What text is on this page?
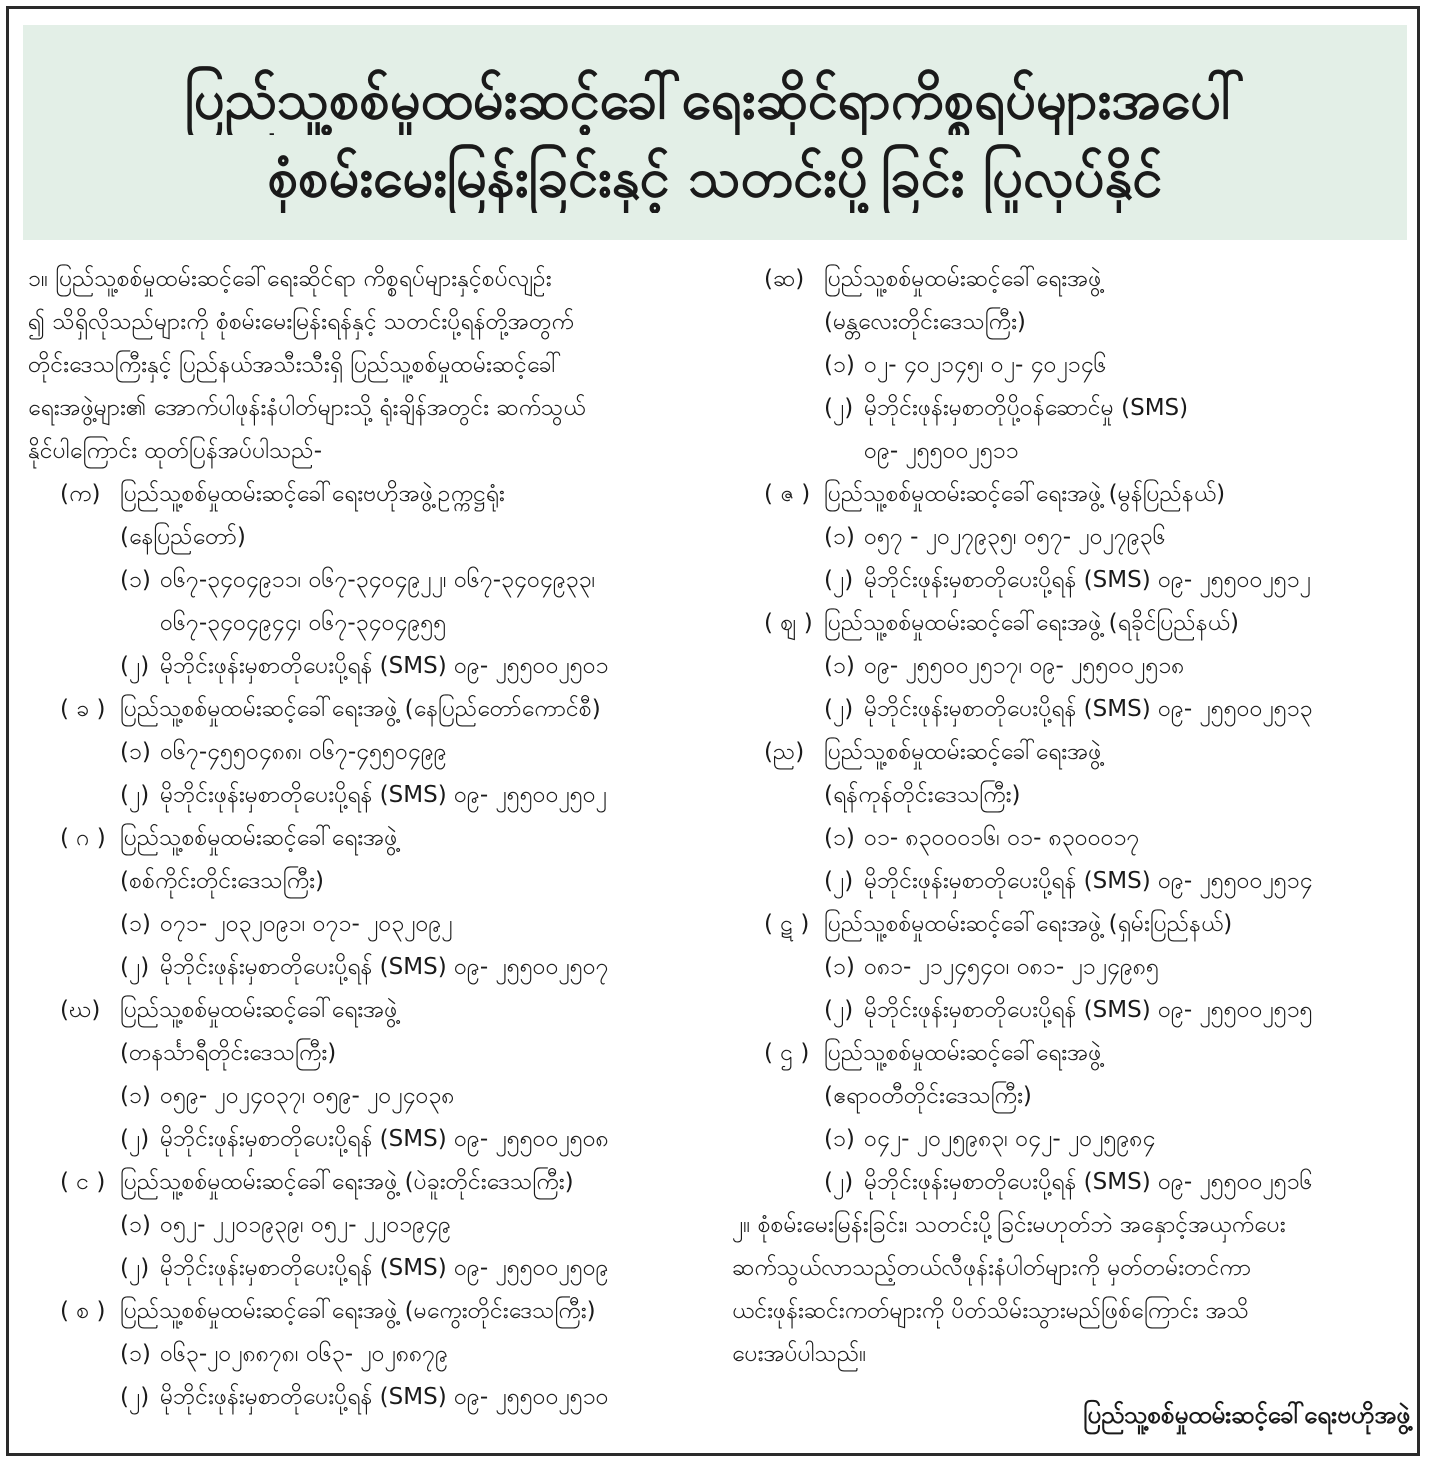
ပြည်သူ့စစ်မှုထမ်းဆင့်ခေါ်ရေးဆိုင်ရာကိစ္စရပ်များအပေါ်
စုံစမ်းမေးမြန်းခြင်းနှင့် သတင်းပို့ခြင်း ပြုလုပ်နိုင်
၁။ ပြည်သူ့စစ်မှုထမ်းဆင့်ခေါ်ရေးဆိုင်ရာ ကိစ္စရပ်များနှင့်စပ်လျဉ်း
၍ သိရှိလိုသည်များကို စုံစမ်းမေးမြန်းရန်နှင့် သတင်းပို့ရန်တို့အတွက်
တိုင်းဒေသကြီးနှင့် ပြည်နယ်အသီးသီးရှိ ပြည်သူ့စစ်မှုထမ်းဆင့်ခေါ်
ရေးအဖွဲ့များ၏ အောက်ပါဖုန်းနံပါတ်များသို့ ရုံးချိန်အတွင်း ဆက်သွယ်
နိုင်ပါကြောင်း ထုတ်ပြန်အပ်ပါသည်-
(က) ပြည်သူ့စစ်မှုထမ်းဆင့်ခေါ်ရေးဗဟိုအဖွဲ့ဥက္ကဋ္ဌရုံး
(နေပြည်တော်)
(၁) ၀၆၇-၃၄၀၄၉၁၁၊ ၀၆၇-၃၄၀၄၉၂၂၊ ၀၆၇-၃၄၀၄၉၃၃၊
၀၆၇-၃၄၀၄၉၄၄၊ ၀၆၇-၃၄၀၄၉၅၅
(၂) မိုဘိုင်းဖုန်းမှစာတိုပေးပို့ရန် (SMS) ၀၉- ၂၅၅၀၀၂၅၀၁
( ခ ) ပြည်သူ့စစ်မှုထမ်းဆင့်ခေါ်ရေးအဖွဲ့ (နေပြည်တော်ကောင်စီ)
(၁) ၀၆၇-၄၅၅၀၄၈၈၊ ၀၆၇-၄၅၅၀၄၉၉
(၂) မိုဘိုင်းဖုန်းမှစာတိုပေးပို့ရန် (SMS) ၀၉- ၂၅၅၀၀၂၅၀၂
( ဂ ) ပြည်သူ့စစ်မှုထမ်းဆင့်ခေါ်ရေးအဖွဲ့
(စစ်ကိုင်းတိုင်းဒေသကြီး)
(၁) ၀၇၁- ၂၀၃၂၀၉၁၊ ၀၇၁- ၂၀၃၂၀၉၂
(၂) မိုဘိုင်းဖုန်းမှစာတိုပေးပို့ရန် (SMS) ၀၉- ၂၅၅၀၀၂၅၀၇
(ဃ) ပြည်သူ့စစ်မှုထမ်းဆင့်ခေါ်ရေးအဖွဲ့
(တနင်္သာရီတိုင်းဒေသကြီး)
(၁) ၀၅၉- ၂၀၂၄၀၃၇၊ ၀၅၉- ၂၀၂၄၀၃၈
(၂) မိုဘိုင်းဖုန်းမှစာတိုပေးပို့ရန် (SMS) ၀၉- ၂၅၅၀၀၂၅၀၈
( င ) ပြည်သူ့စစ်မှုထမ်းဆင့်ခေါ်ရေးအဖွဲ့ (ပဲခူးတိုင်းဒေသကြီး)
(၁) ၀၅၂- ၂၂၀၁၉၃၉၊ ၀၅၂- ၂၂၀၁၉၄၉
(၂) မိုဘိုင်းဖုန်းမှစာတိုပေးပို့ရန် (SMS) ၀၉- ၂၅၅၀၀၂၅၀၉
( စ ) ပြည်သူ့စစ်မှုထမ်းဆင့်ခေါ်ရေးအဖွဲ့ (မကွေးတိုင်းဒေသကြီး)
(၁) ၀၆၃-၂၀၂၈၈၇၈၊ ၀၆၃- ၂၀၂၈၈၇၉
(၂) မိုဘိုင်းဖုန်းမှစာတိုပေးပို့ရန် (SMS) ၀၉- ၂၅၅၀၀၂၅၁၀
(ဆ) ပြည်သူ့စစ်မှုထမ်းဆင့်ခေါ်ရေးအဖွဲ့
(မန္တလေးတိုင်းဒေသကြီး)
(၁) ၀၂- ၄၀၂၁၄၅၊ ၀၂- ၄၀၂၁၄၆
(၂) မိုဘိုင်းဖုန်းမှစာတိုပို့ဝန်ဆောင်မှု (SMS)
၀၉- ၂၅၅၀၀၂၅၁၁
( ဇ ) ပြည်သူ့စစ်မှုထမ်းဆင့်ခေါ်ရေးအဖွဲ့ (မွန်ပြည်နယ်)
(၁) ၀၅၇ - ၂၀၂၇၉၃၅၊ ၀၅၇- ၂၀၂၇၉၃၆
(၂) မိုဘိုင်းဖုန်းမှစာတိုပေးပို့ရန် (SMS) ၀၉- ၂၅၅၀၀၂၅၁၂
( ဈ ) ပြည်သူ့စစ်မှုထမ်းဆင့်ခေါ်ရေးအဖွဲ့ (ရခိုင်ပြည်နယ်)
(၁) ၀၉- ၂၅၅၀၀၂၅၁၇၊ ၀၉- ၂၅၅၀၀၂၅၁၈
(၂) မိုဘိုင်းဖုန်းမှစာတိုပေးပို့ရန် (SMS) ၀၉- ၂၅၅၀၀၂၅၁၃
(ည) ပြည်သူ့စစ်မှုထမ်းဆင့်ခေါ်ရေးအဖွဲ့
(ရန်ကုန်တိုင်းဒေသကြီး)
(၁) ၀၁- ၈၃၀၀၀၁၆၊ ၀၁- ၈၃၀၀၀၁၇
(၂) မိုဘိုင်းဖုန်းမှစာတိုပေးပို့ရန် (SMS) ၀၉- ၂၅၅၀၀၂၅၁၄
( ဋ ) ပြည်သူ့စစ်မှုထမ်းဆင့်ခေါ်ရေးအဖွဲ့ (ရှမ်းပြည်နယ်)
(၁) ၀၈၁- ၂၁၂၄၅၄၀၊ ၀၈၁- ၂၁၂၄၉၈၅
(၂) မိုဘိုင်းဖုန်းမှစာတိုပေးပို့ရန် (SMS) ၀၉- ၂၅၅၀၀၂၅၁၅
( ဌ ) ပြည်သူ့စစ်မှုထမ်းဆင့်ခေါ်ရေးအဖွဲ့
(ဧရာဝတီတိုင်းဒေသကြီး)
(၁) ၀၄၂- ၂၀၂၅၉၈၃၊ ၀၄၂- ၂၀၂၅၉၈၄
(၂) မိုဘိုင်းဖုန်းမှစာတိုပေးပို့ရန် (SMS) ၀၉- ၂၅၅၀၀၂၅၁၆
၂။ စုံစမ်းမေးမြန်းခြင်း၊ သတင်းပို့ခြင်းမဟုတ်ဘဲ အနှောင့်အယှက်ပေး
ဆက်သွယ်လာသည့်တယ်လီဖုန်းနံပါတ်များကို မှတ်တမ်းတင်ကာ
ယင်းဖုန်းဆင်းကတ်များကို ပိတ်သိမ်းသွားမည်ဖြစ်ကြောင်း အသိ
ပေးအပ်ပါသည်။
ပြည်သူ့စစ်မှုထမ်းဆင့်ခေါ်ရေးဗဟိုအဖွဲ့
